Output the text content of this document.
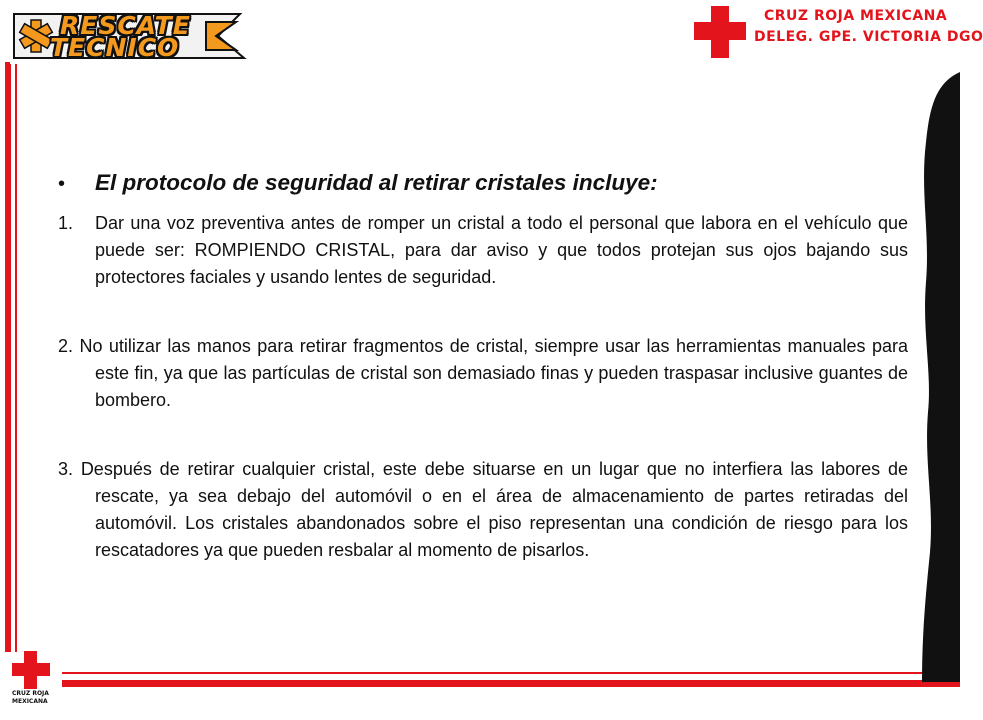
RESCATE
TECNICO
CRUZ ROJA MEXICANA
DELEG. GPE. VICTORIA DGO
CRUZ ROJA
MEXICANA
•	El protocolo de seguridad al retirar cristales incluye:

1. Dar una voz preventiva antes de romper un cristal a todo el personal que labora en el vehículo que puede ser: ROMPIENDO CRISTAL, para dar aviso y que todos protejan sus ojos bajando sus protectores faciales y usando lentes de seguridad.

2. No utilizar las manos para retirar fragmentos de cristal, siempre usar las herramientas manuales para este fin, ya que las partículas de cristal son demasiado finas y pueden traspasar inclusive guantes de bombero.

3. Después de retirar cualquier cristal, este debe situarse en un lugar que no interfiera las labores de rescate, ya sea debajo del automóvil o en el área de almacenamiento de partes retiradas del automóvil. Los cristales abandonados sobre el piso representan una condición de riesgo para los rescatadores ya que pueden resbalar al momento de pisarlos.
